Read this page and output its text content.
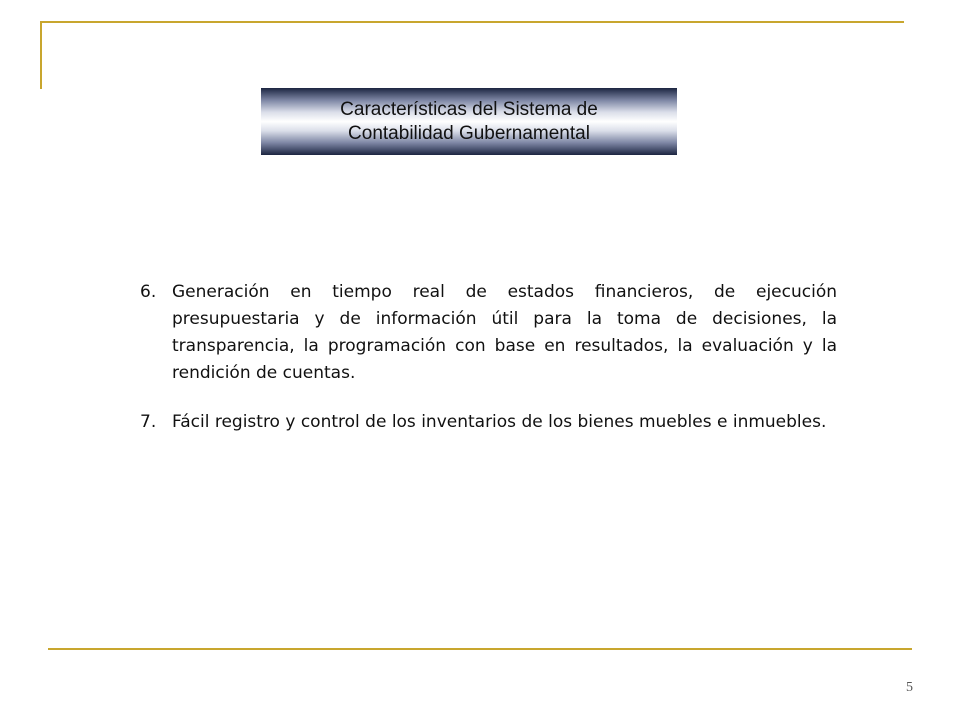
Características del Sistema de
Contabilidad Gubernamental
6. Generación en tiempo real de estados financieros, de ejecución presupuestaria y de información útil para la toma de decisiones, la transparencia, la programación con base en resultados, la evaluación y la rendición de cuentas.
7. Fácil registro y control de los inventarios de los bienes muebles e inmuebles.
5
